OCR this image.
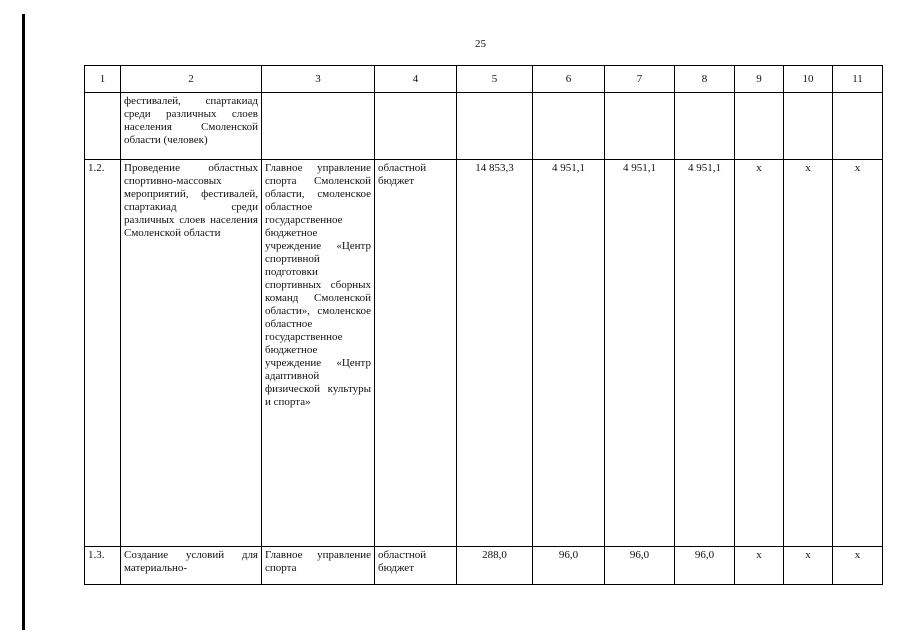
25
1	2	3	4	5	6	7	8	9	10	11
	фестивалей, спартакиад среди различных слоев населения Смоленской области (человек)									
1.2.	Проведение областных спортивно-массовых мероприятий, фестивалей, спартакиад среди различных слоев населения Смоленской области	Главное управление спорта Смоленской области, смоленское областное государственное бюджетное учреждение «Центр спортивной подготовки спортивных сборных команд Смоленской области», смоленское областное государственное бюджетное учреждение «Центр адаптивной физической культуры и спорта»	областной бюджет	14 853,3	4 951,1	4 951,1	4 951,1	х	х	х
1.3.	Создание условий для материально-	Главное управление спорта	областной бюджет	288,0	96,0	96,0	96,0	х	х	х
